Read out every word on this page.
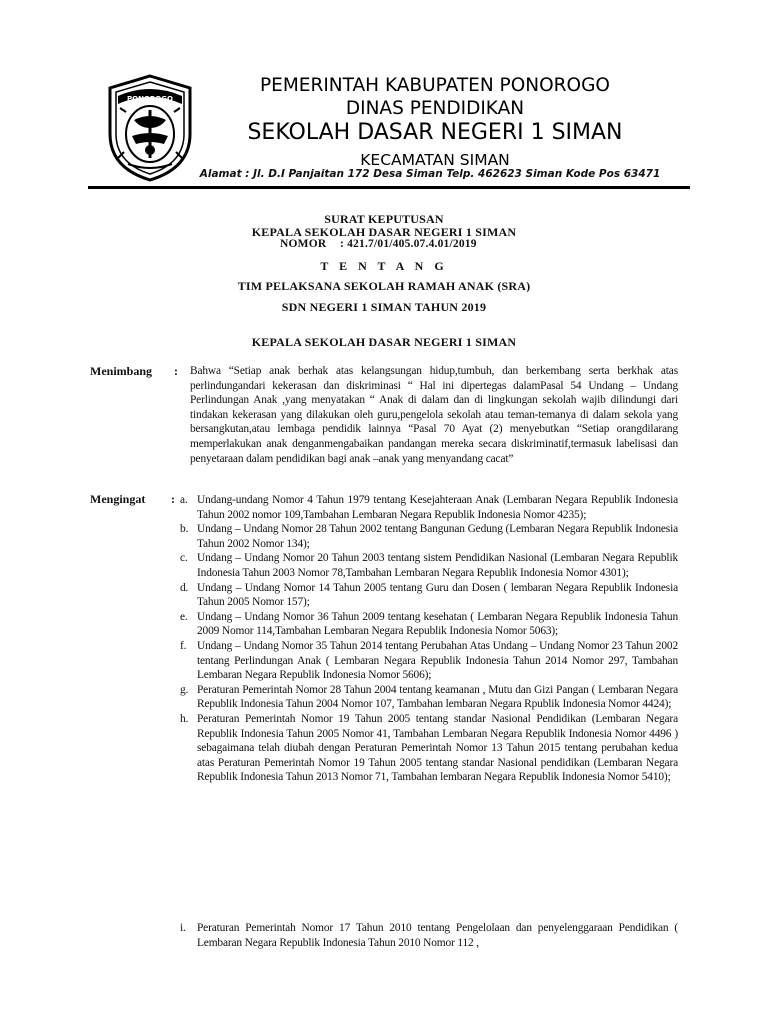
PONOROGO
PEMERINTAH KABUPATEN PONOROGO
DINAS PENDIDIKAN
SEKOLAH DASAR NEGERI 1 SIMAN
KECAMATAN SIMAN
Alamat : Jl. D.I Panjaitan 172 Desa Siman Telp. 462623 Siman Kode Pos 63471
SURAT KEPUTUSAN
KEPALA SEKOLAH DASAR NEGERI 1 SIMAN
NOMOR : 421.7/01/405.07.4.01/2019
T E N T A N G
TIM PELAKSANA SEKOLAH RAMAH ANAK (SRA)
SDN NEGERI 1 SIMAN TAHUN 2019
KEPALA SEKOLAH DASAR NEGERI 1 SIMAN
Menimbang : Bahwa “Setiap anak berhak atas kelangsungan hidup,tumbuh, dan berkembang serta berkhak atas perlindungandari kekerasan dan diskriminasi “ Hal ini dipertegas dalamPasal 54 Undang – Undang Perlindungan Anak ,yang menyatakan “ Anak di dalam dan di lingkungan sekolah wajib dilindungi dari tindakan kekerasan yang dilakukan oleh guru,pengelola sekolah atau teman-temanya di dalam sekola yang bersangkutan,atau lembaga pendidik lainnya “Pasal 70 Ayat (2) menyebutkan “Setiap orangdilarang memperlakukan anak denganmengabaikan pandangan mereka secara diskriminatif,termasuk labelisasi dan penyetaraan dalam pendidikan bagi anak –anak yang menyandang cacat”
Mengingat : a. Undang-undang Nomor 4 Tahun 1979 tentang Kesejahteraan Anak (Lembaran Negara Republik Indonesia Tahun 2002 nomor 109,Tambahan Lembaran Negara Republik Indonesia Nomor 4235);
b. Undang – Undang Nomor 28 Tahun 2002 tentang Bangunan Gedung (Lembaran Negara Republik Indonesia Tahun 2002 Nomor 134);
c. Undang – Undang Nomor 20 Tahun 2003 tentang sistem Pendidikan Nasional (Lembaran Negara Republik Indonesia Tahun 2003 Nomor 78,Tambahan Lembaran Negara Republik Indonesia Nomor 4301);
d. Undang – Undang Nomor 14 Tahun 2005 tentang Guru dan Dosen ( lembaran Negara Republik Indonesia Tahun 2005 Nomor 157);
e. Undang – Undang Nomor 36 Tahun 2009 tentang kesehatan ( Lembaran Negara Republik Indonesia Tahun 2009 Nomor 114,Tambahan Lembaran Negara Republik Indonesia Nomor 5063);
f. Undang – Undang Nomor 35 Tahun 2014 tentang Perubahan Atas Undang – Undang Nomor 23 Tahun 2002 tentang Perlindungan Anak ( Lembaran Negara Republik Indonesia Tahun 2014 Nomor 297, Tambahan Lembaran Negara Republik Indonesia Nomor 5606);
g. Peraturan Pemerintah Nomor 28 Tahun 2004 tentang keamanan , Mutu dan Gizi Pangan ( Lembaran Negara Republik Indonesia Tahun 2004 Nomor 107, Tambahan lembaran Negara Rpublik Indonesia Nomor 4424);
h. Peraturan Pemerintah Nomor 19 Tahun 2005 tentang standar Nasional Pendidikan (Lembaran Negara Republik Indonesia Tahun 2005 Nomor 41, Tambahan Lembaran Negara Republik Indonesia Nomor 4496 ) sebagaimana telah diubah dengan Peraturan Pemerintah Nomor 13 Tahun 2015 tentang perubahan kedua atas Peraturan Pemerintah Nomor 19 Tahun 2005 tentang standar Nasional pendidikan (Lembaran Negara Republik Indonesia Tahun 2013 Nomor 71, Tambahan lembaran Negara Republik Indonesia Nomor 5410);
i. Peraturan Pemerintah Nomor 17 Tahun 2010 tentang Pengelolaan dan penyelenggaraan Pendidikan ( Lembaran Negara Republik Indonesia Tahun 2010 Nomor 112 ,
